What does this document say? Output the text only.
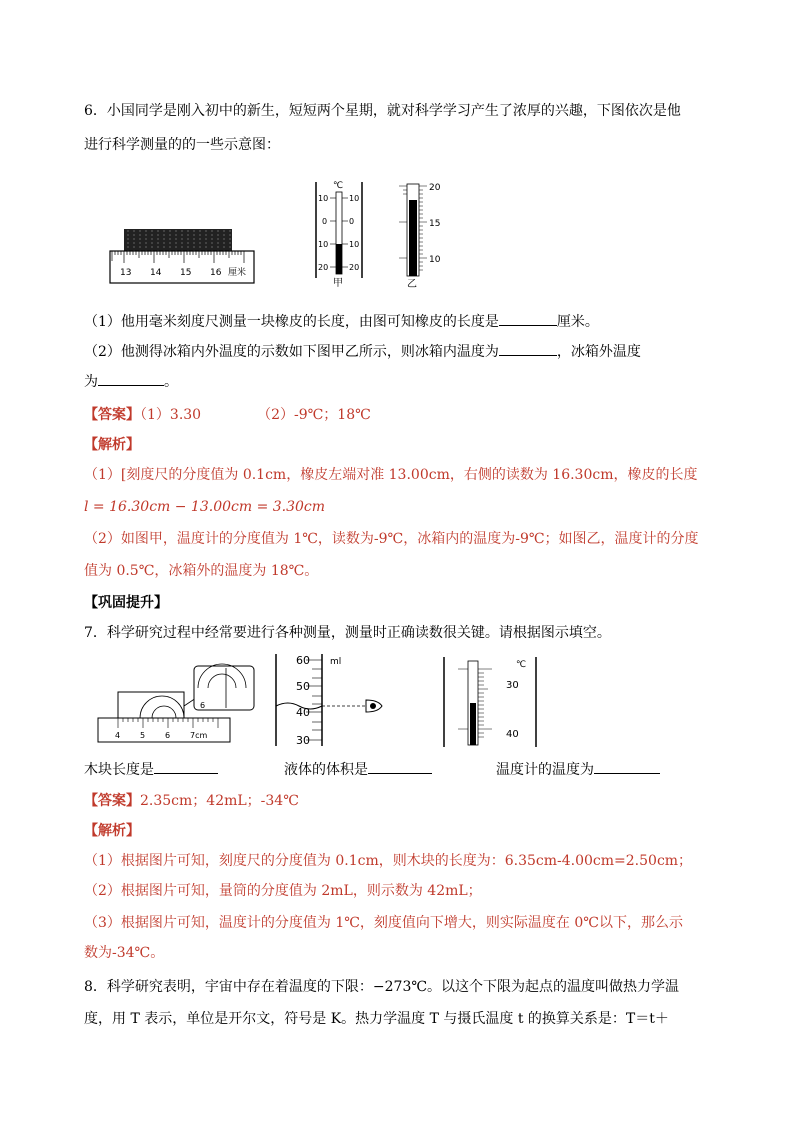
6．小国同学是刚入初中的新生，短短两个星期，就对科学学习产生了浓厚的兴趣，下图依次是他
进行科学测量的的一些示意图：
13 14 15 16 厘米
℃
10
0
10
20
10
0
10
20
甲
20
15
10
乙
（1）他用毫米刻度尺测量一块橡皮的长度，由图可知橡皮的长度是	厘米。
（2）他测得冰箱内外温度的示数如下图甲乙所示，则冰箱内温度为	，冰箱外温度
为	。
【答案】（1）3.30	（2）-9℃；18℃
【解析】
（1）[刻度尺的分度值为 0.1cm，橡皮左端对准 13.00cm，右侧的读数为 16.30cm，橡皮的长度
l = 16.30cm − 13.00cm = 3.30cm
（2）如图甲，温度计的分度值为 1℃，读数为-9℃，冰箱内的温度为-9℃；如图乙，温度计的分度
值为 0.5℃，冰箱外的温度为 18℃。
【巩固提升】
7．科学研究过程中经常要进行各种测量，测量时正确读数很关键。请根据图示填空。
6
4 5 6 7cm
60
50
40
30
ml	℃
30
40
木块长度是	液体的体积是	温度计的温度为
【答案】2.35cm；42mL；-34℃
【解析】
（1）根据图片可知，刻度尺的分度值为 0.1cm，则木块的长度为：6.35cm-4.00cm=2.50cm；
（2）根据图片可知，量筒的分度值为 2mL，则示数为 42mL；
（3）根据图片可知，温度计的分度值为 1℃，刻度值向下增大，则实际温度在 0℃以下，那么示
数为-34℃。
8．科学研究表明，宇宙中存在着温度的下限：−273℃。以这个下限为起点的温度叫做热力学温
度，用 T 表示，单位是开尔文，符号是 K。热力学温度 T 与摄氏温度 t 的换算关系是：T＝t＋
